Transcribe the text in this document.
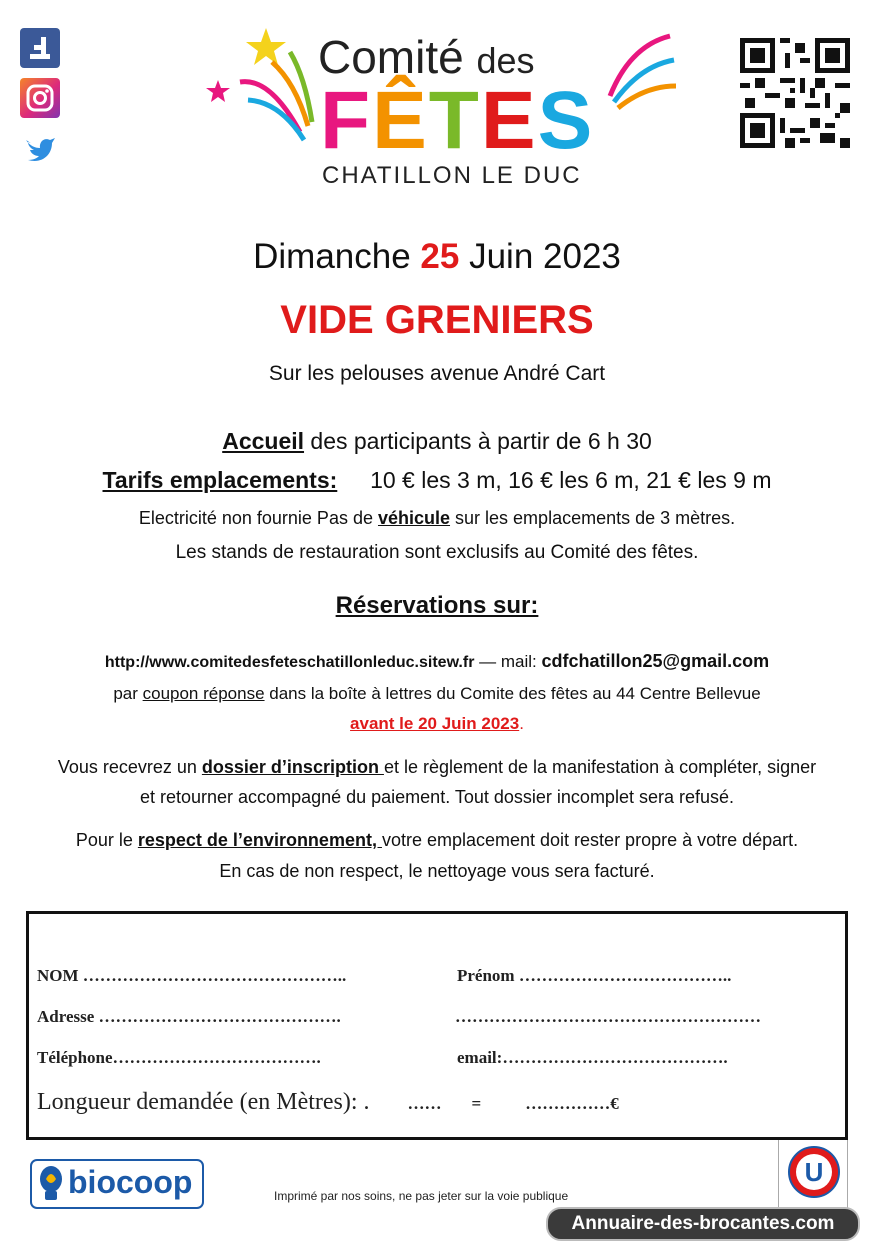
Comité des
FÊTES
CHATILLON LE DUC
Dimanche 25 Juin 2023
VIDE GRENIERS
Sur les pelouses avenue André Cart
Accueil des participants à partir de 6 h 30
Tarifs emplacements: 10 € les 3 m, 16 € les 6 m, 21 € les 9 m
Electricité non fournie Pas de véhicule sur les emplacements de 3 mètres.
Les stands de restauration sont exclusifs au Comité des fêtes.
Réservations sur:
http://www.comitedesfeteschatillonleduc.sitew.fr — mail: cdfchatillon25@gmail.com
par coupon réponse dans la boîte à lettres du Comite des fêtes au 44 Centre Bellevue
avant le 20 Juin 2023.
Vous recevrez un dossier d’inscription et le règlement de la manifestation à compléter, signer
et retourner accompagné du paiement. Tout dossier incomplet sera refusé.
Pour le respect de l’environnement, votre emplacement doit rester propre à votre départ.
En cas de non respect, le nettoyage vous sera facturé.
NOM ………………………………………..	Prénom ………………………………..
Adresse …………………………………….	………………………………………………
Téléphone……………………………….	email:………………………………….
Longueur demandée (en Mètres): . …… =	……………€
biocoop	Imprimé par nos soins, ne pas jeter sur la voie publique
U
Annuaire-des-brocantes.com
